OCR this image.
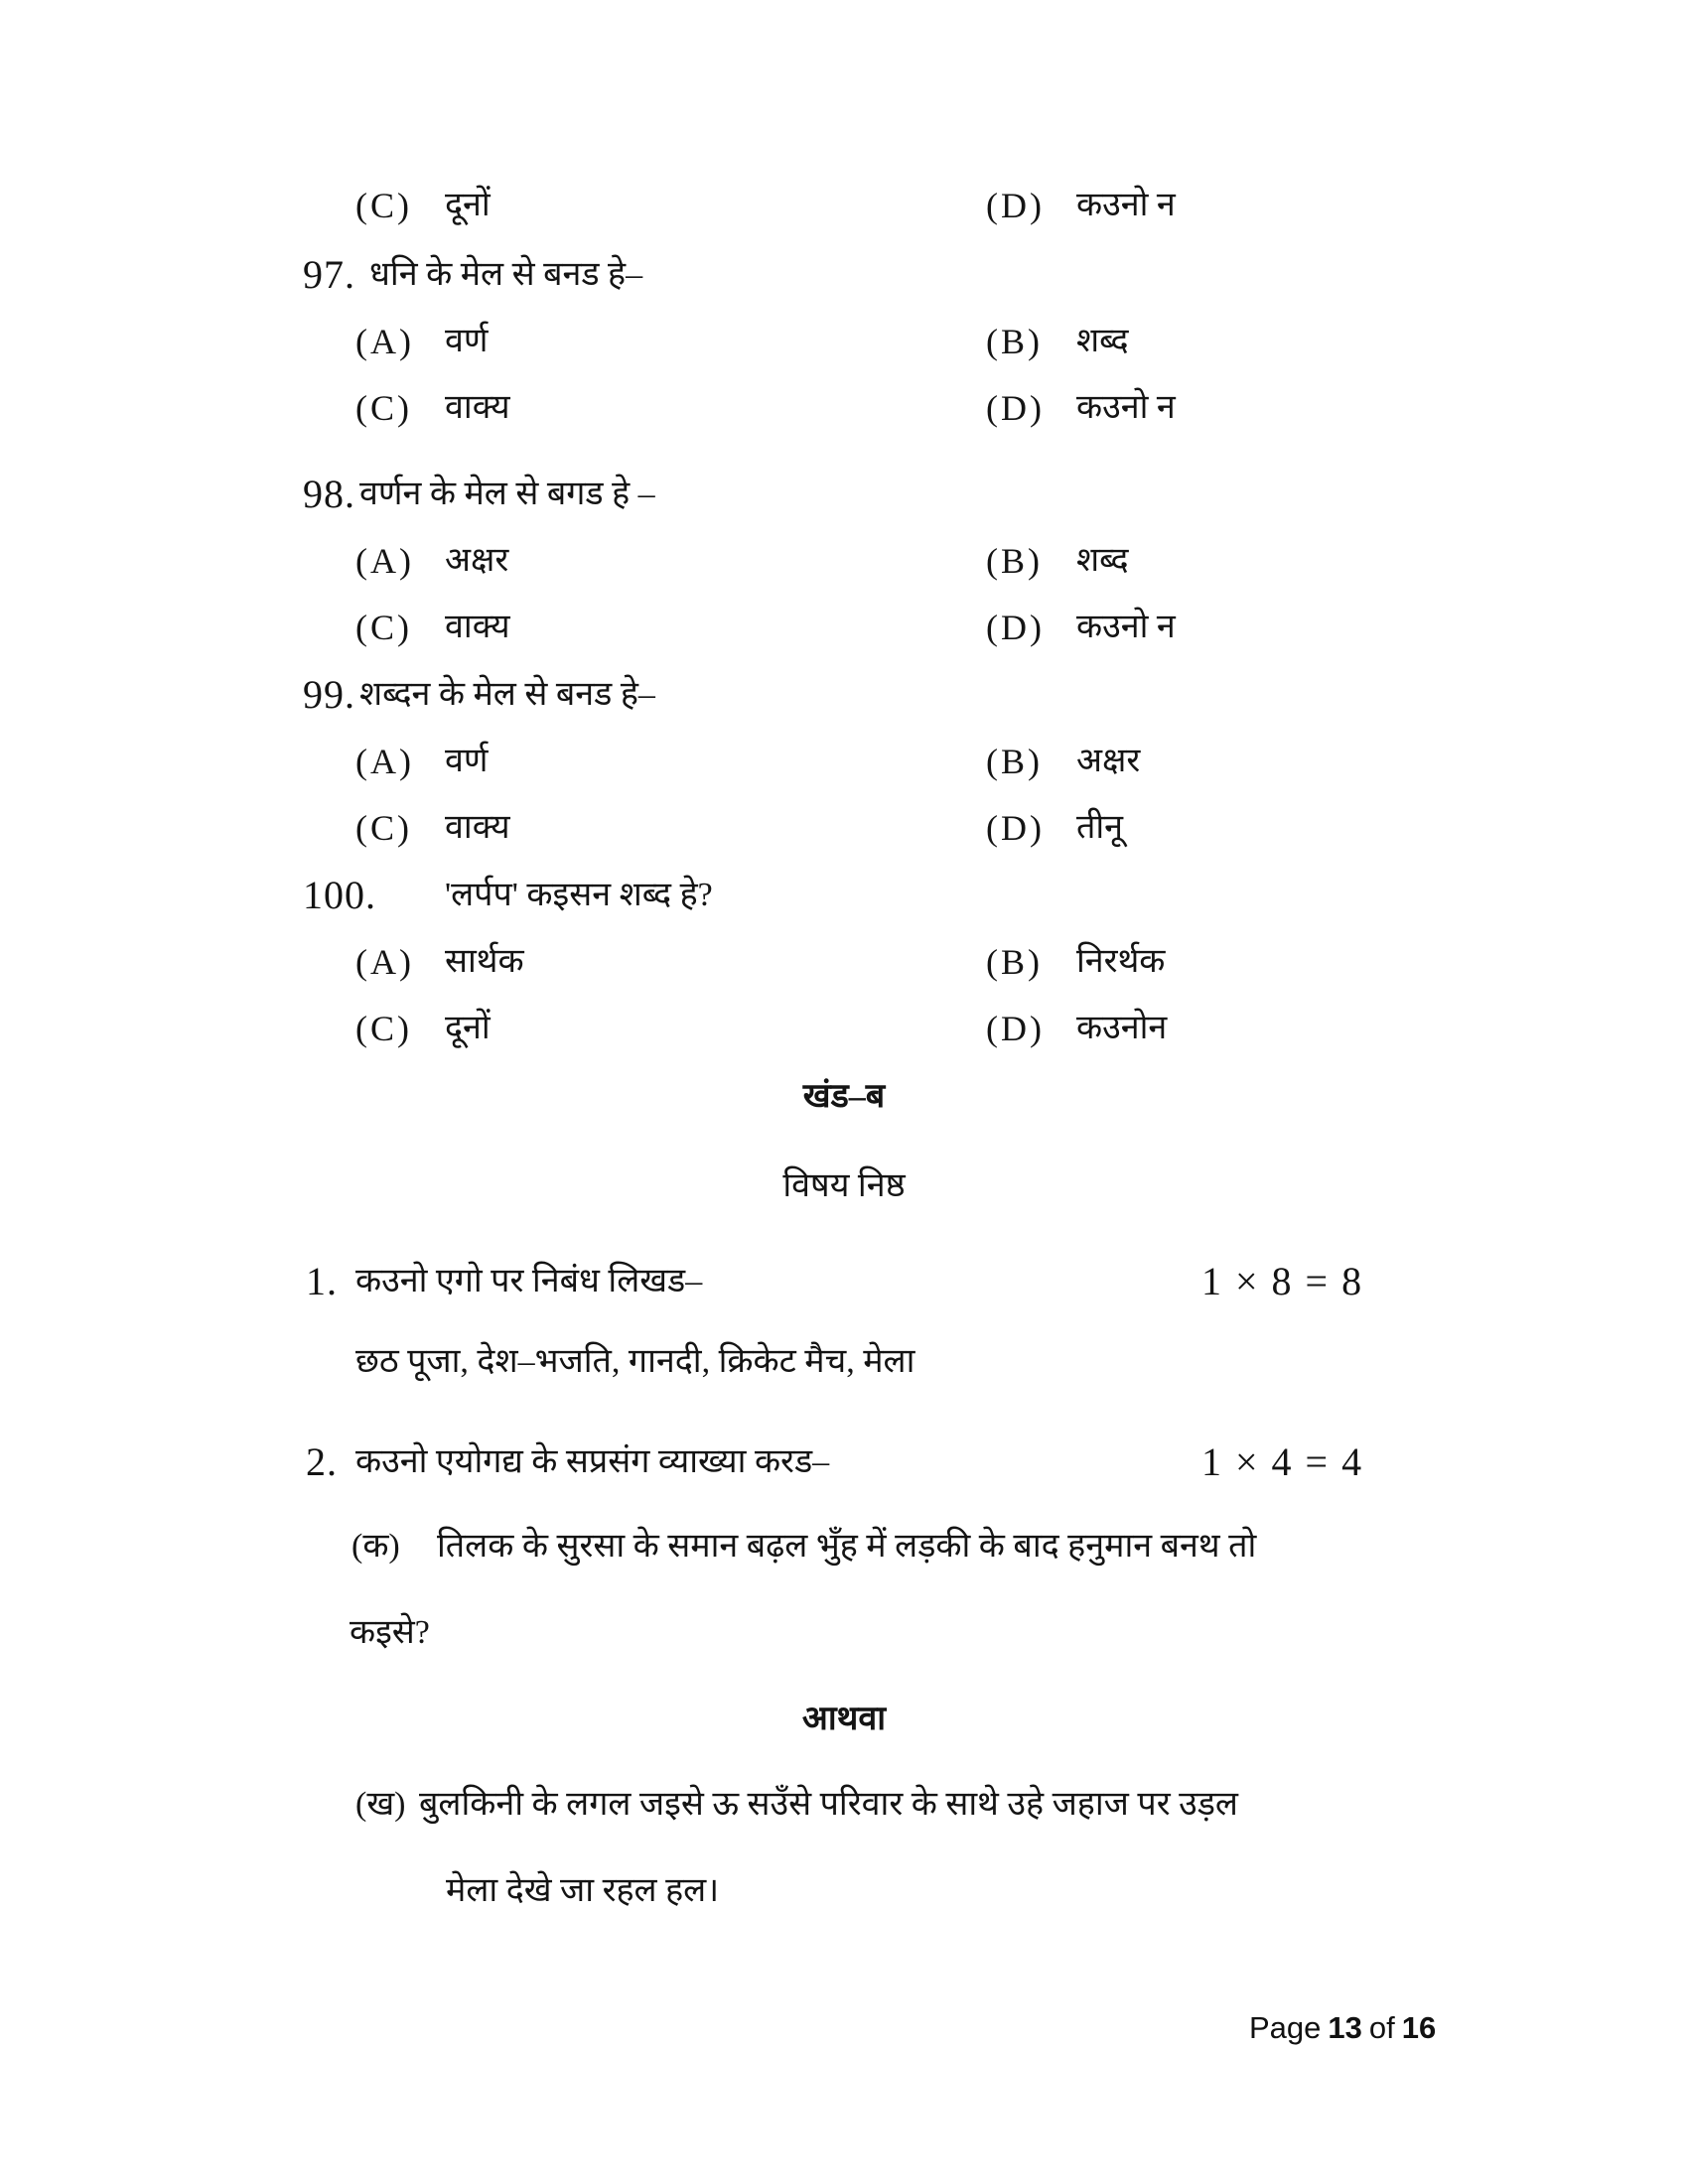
(C) दूनों	(D) कउनो न
97. धनि के मेल से बनड हे–
(A) वर्ण	(B) शब्द
(C) वाक्य	(D) कउनो न
98. वर्णन के मेल से बगड हे –
(A) अक्षर	(B) शब्द
(C) वाक्य	(D) कउनो न
99. शब्दन के मेल से बनड हे–
(A) वर्ण	(B) अक्षर
(C) वाक्य	(D) तीनू
100. 'लर्पप' कइसन शब्द हे?
(A) सार्थक	(B) निरर्थक
(C) दूनों	(D) कउनोन
खंड–ब
विषय निष्ठ
1. कउनो एगो पर निबंध लिखड–	1 × 8 = 8
छठ पूजा, देश–भजति, गानदी, क्रिकेट मैच, मेला
2. कउनो एयोगद्य के सप्रसंग व्याख्या करड–	1 × 4 = 4
(क) तिलक के सुरसा के समान बढ़ल भुँह में लड़की के बाद हनुमान बनथ तो
कइसे?
आथवा
(ख) बुलकिनी के लगल जइसे ऊ सउँसे परिवार के साथे उहे जहाज पर उड़ल
मेला देखे जा रहल हल।
Page 13 of 16
